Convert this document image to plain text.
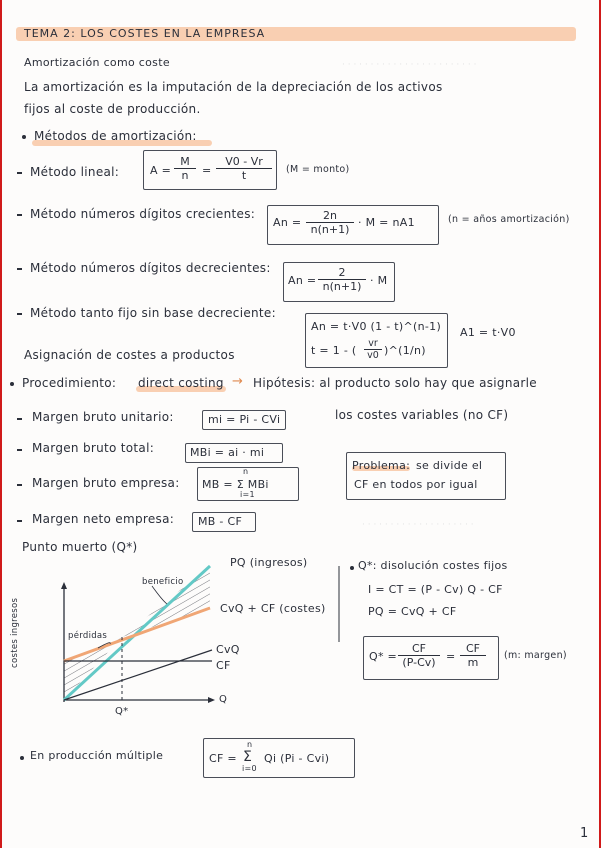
· · · · · · · · · · · · · · · · · · · · · · · ·
· · · · · · · · · · · · · · · · · · · ·
TEMA 2: LOS COSTES EN LA EMPRESA
Amortización como coste
La amortización es la imputación de la depreciación de los activos
fijos al coste de producción.
Métodos de amortización:
Método lineal:	$A = \frac{M}{n} = \frac{V0 - Vr}{t} (M$ = monto)
Método números dígitos crecientes:
$An = \frac{2n}{n(n+1)} \cdot M = nA1$	(n = años amortización)
Método números dígitos decrecientes:
$An = \frac{2}{n(n+1)} \cdot M$
Método tanto fijo sin base decreciente:
An = t·V0 (1 - t)^(n-1)
t = 1 - ( $\frac{vr}{v0}$ )^(1/n)
A1 = t·V0
Asignación de costes a productos
Procedimiento: direct costing → Hipótesis: al producto solo hay que asignarle
los costes variables (no CF)
Margen bruto unitario:	mi = Pi - CVi
Margen bruto total:	MBi = ai · mi
Margen bruto empresa: MB = Σ MBi
n
i=1
Problema: se divide el
CF en todos por igual
Margen neto empresa: MB - CF
Punto muerto (Q*)
PQ (ingresos)
CvQ + CF (costes)
CvQ
CF
beneficio
pérdidas
costes ingresos
Q
Q*
Q*: disolución costes fijos
I = CT = (P - Cv) Q - CF
PQ = CvQ + CF
$Q* = \frac{CF}{(P-Cv)} = \frac{CF}{m} (m$: margen)
En producción múltiple	CF = Σ
n
i=0
Qi (Pi - Cvi)
1
